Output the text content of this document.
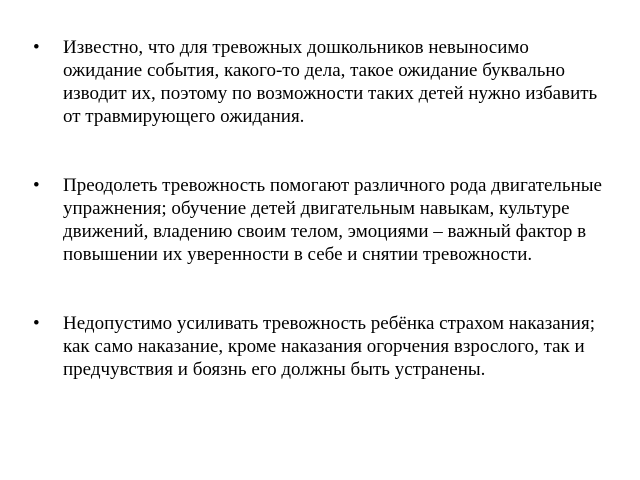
•	Известно, что для тревожных дошкольников невыносимо ожидание события, какого-то дела, такое ожидание буквально изводит их, поэтому по возможности таких детей нужно избавить от травмирующего ожидания.
•	Преодолеть тревожность помогают различного рода двигательные упражнения; обучение детей двигательным навыкам, культуре движений, владению своим телом, эмоциями – важный фактор в повышении их уверенности в себе и снятии тревожности.
•	Недопустимо усиливать тревожность ребёнка страхом наказания; как само наказание, кроме наказания огорчения взрослого, так и предчувствия и боязнь его должны быть устранены.
